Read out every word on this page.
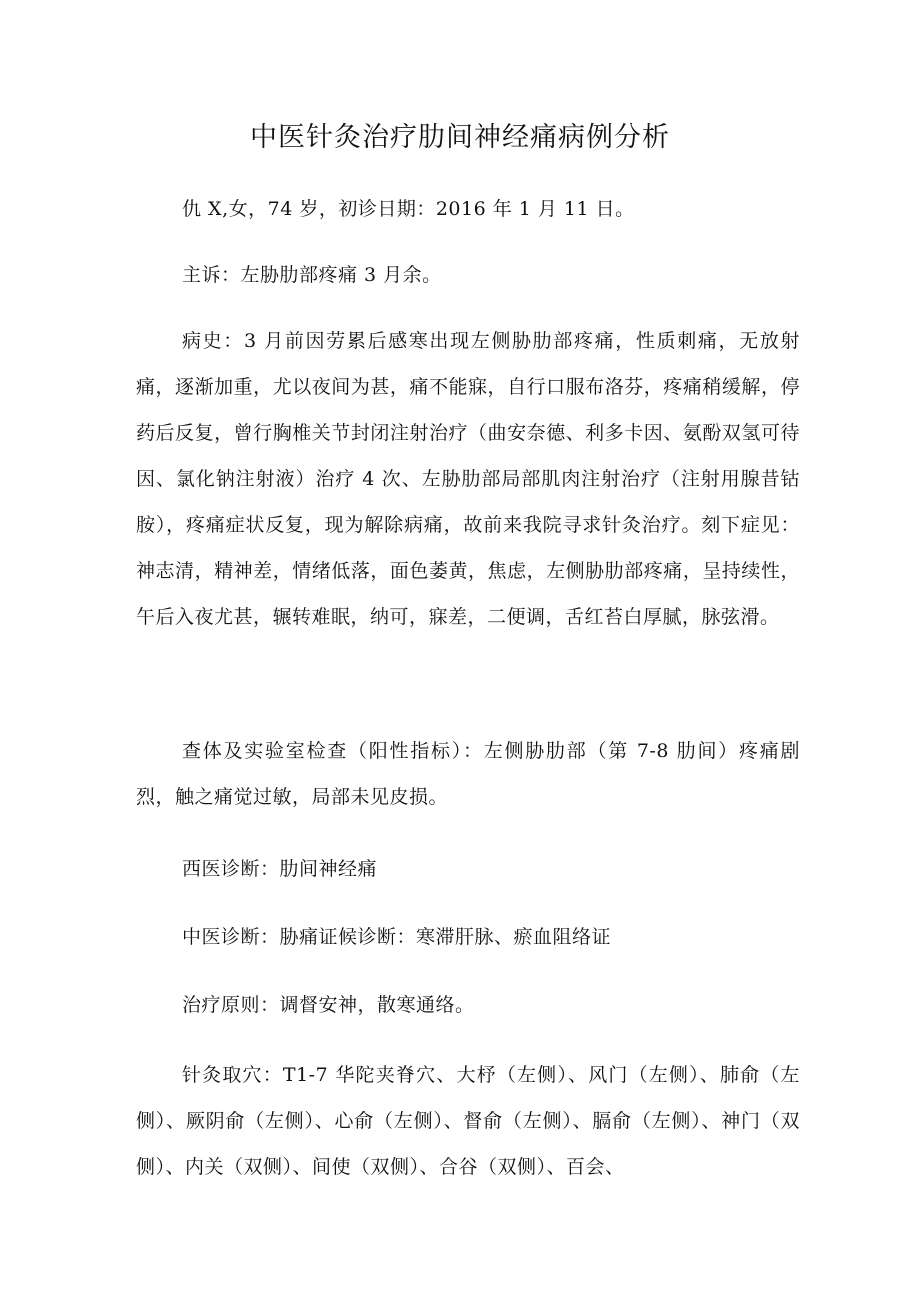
中医针灸治疗肋间神经痛病例分析

仇 X,女，74 岁，初诊日期：2016 年 1 月 11 日。

主诉：左胁肋部疼痛 3 月余。

病史：3 月前因劳累后感寒出现左侧胁肋部疼痛，性质刺痛，无放射痛，逐渐加重，尤以夜间为甚，痛不能寐，自行口服布洛芬，疼痛稍缓解，停药后反复，曾行胸椎关节封闭注射治疗（曲安奈德、利多卡因、氨酚双氢可待因、氯化钠注射液）治疗 4 次、左胁肋部局部肌肉注射治疗（注射用腺昔钴胺），疼痛症状反复，现为解除病痛，故前来我院寻求针灸治疗。刻下症见：神志清，精神差，情绪低落，面色萎黄，焦虑，左侧胁肋部疼痛，呈持续性，午后入夜尤甚，辗转难眠，纳可，寐差，二便调，舌红苔白厚腻，脉弦滑。

查体及实验室检查（阳性指标）：左侧胁肋部（第 7-8 肋间）疼痛剧烈，触之痛觉过敏，局部未见皮损。

西医诊断：肋间神经痛

中医诊断：胁痛证候诊断：寒滞肝脉、瘀血阻络证

治疗原则：调督安神，散寒通络。

针灸取穴：T1-7 华陀夹脊穴、大杼（左侧）、风门（左侧）、肺俞（左侧）、厥阴俞（左侧）、心俞（左侧）、督俞（左侧）、膈俞（左侧）、神门（双侧）、内关（双侧）、间使（双侧）、合谷（双侧）、百会、
